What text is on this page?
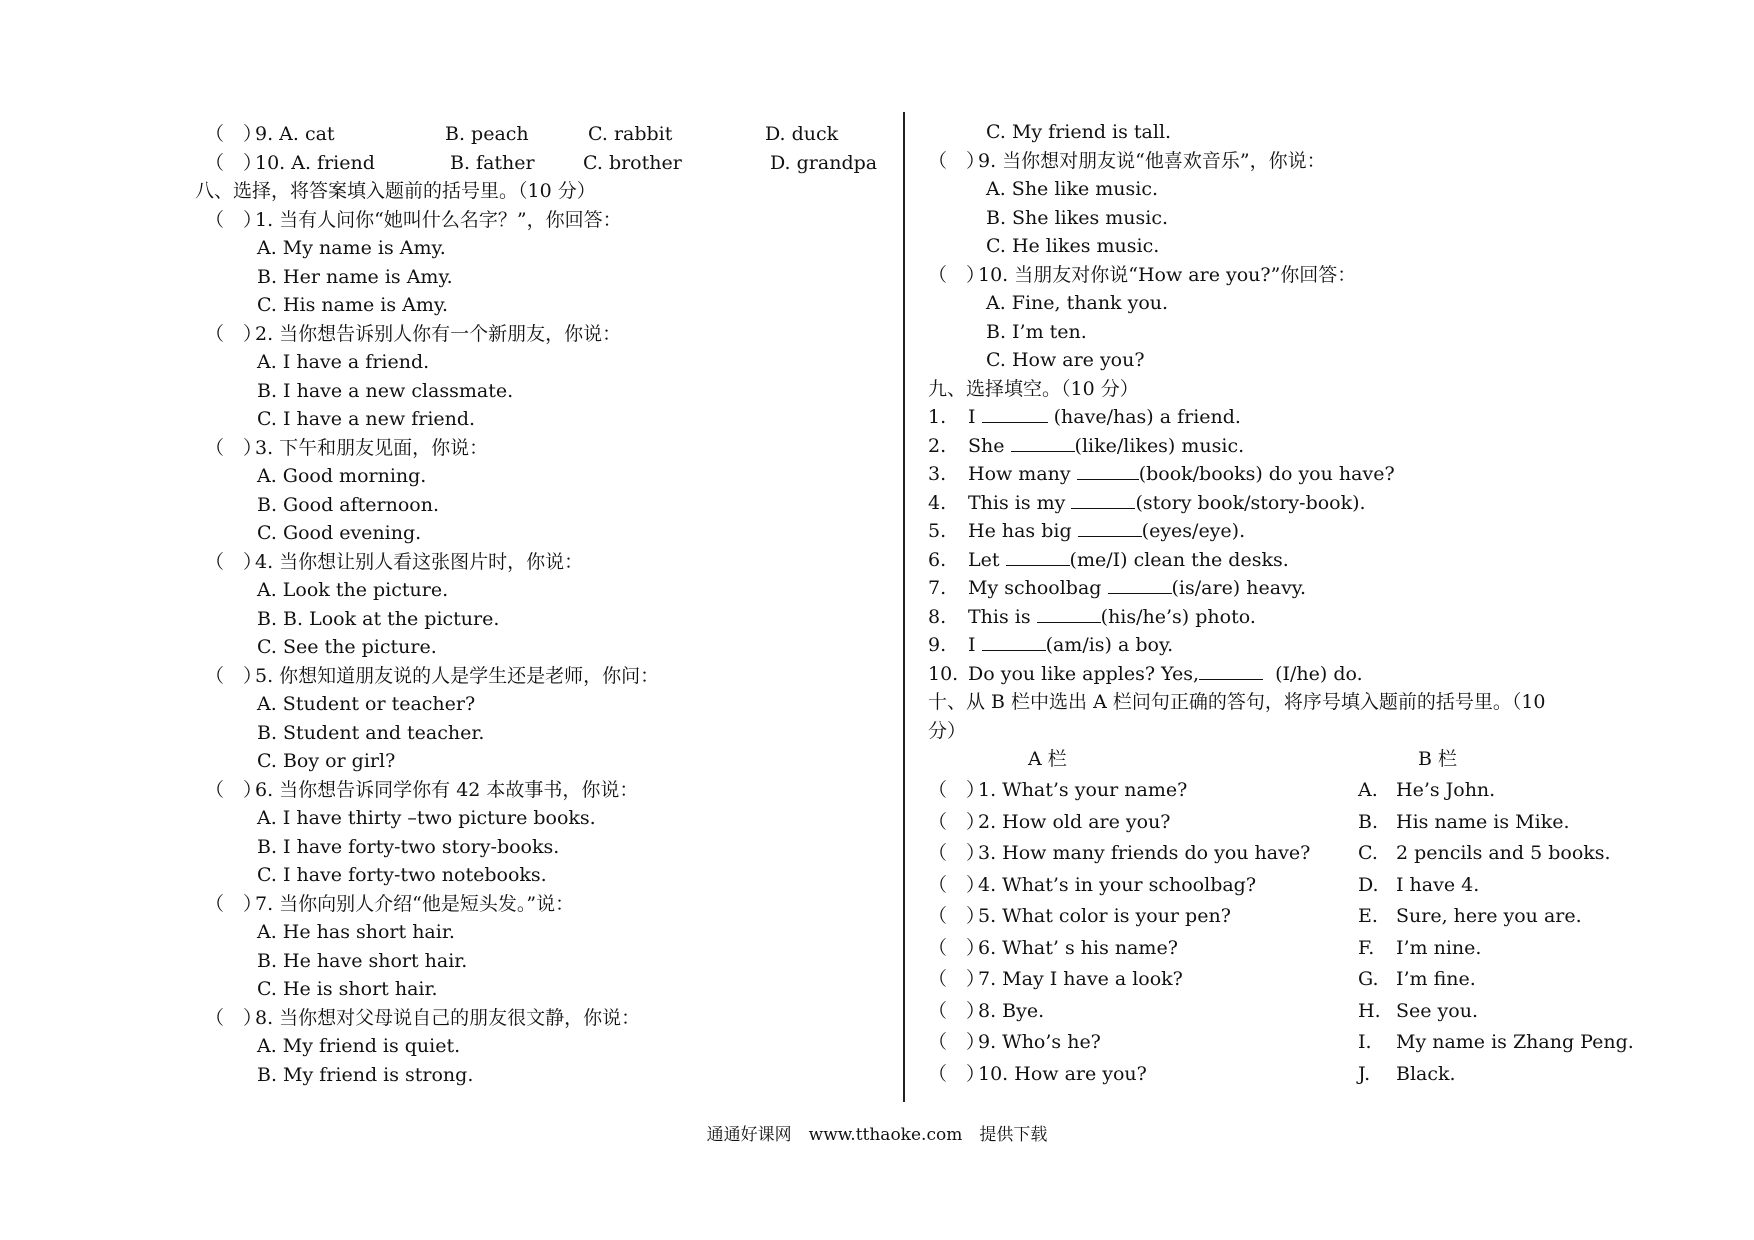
（　）9. A. cat	B. peach	C. rabbit	D. duck
（　）10. A. friend	B. father	C. brother	D. grandpa
八、选择，将答案填入题前的括号里。（10 分）
（　）1. 当有人问你“她叫什么名字？”，你回答：
A. My name is Amy.
B. Her name is Amy.
C. His name is Amy.
（　）2. 当你想告诉别人你有一个新朋友，你说：
A. I have a friend.
B. I have a new classmate.
C. I have a new friend.
（　）3. 下午和朋友见面，你说：
A. Good morning.
B. Good afternoon.
C. Good evening.
（　）4. 当你想让别人看这张图片时，你说：
A. Look the picture.
B. B. Look at the picture.
C. See the picture.
（　）5. 你想知道朋友说的人是学生还是老师，你问：
A. Student or teacher?
B. Student and teacher.
C. Boy or girl?
（　）6. 当你想告诉同学你有 42 本故事书，你说：
A. I have thirty –two picture books.
B. I have forty-two story-books.
C. I have forty-two notebooks.
（　）7. 当你向别人介绍“他是短头发。”说：
A. He has short hair.
B. He have short hair.
C. He is short hair.
（　）8. 当你想对父母说自己的朋友很文静，你说：
A. My friend is quiet.
B. My friend is strong.
C. My friend is tall.
（　）9. 当你想对朋友说“他喜欢音乐”，你说：
A. She like music.
B. She likes music.
C. He likes music.
（　）10. 当朋友对你说“How are you?”你回答：
A. Fine, thank you.
B. I’m ten.
C. How are you?
九、选择填空。（10 分）
1. I	(have/has) a friend.
2. She	(like/likes) music.
3. How many	(book/books) do you have?
4. This is my	(story book/story-book).
5. He has big	(eyes/eye).
6. Let	(me/I) clean the desks.
7. My schoolbag	(is/are) heavy.
8. This is	(his/he’s) photo.
9. I	(am/is) a boy.
10. Do you like apples? Yes,	(I/he) do.
十、从 B 栏中选出 A 栏问句正确的答句，将序号填入题前的括号里。（10
分）
A 栏	B 栏
（　）1. What’s your name?	A. He’s John.
（　）2. How old are you?	B. His name is Mike.
（　）3. How many friends do you have?	C. 2 pencils and 5 books.
（　）4. What’s in your schoolbag?	D. I have 4.
（　）5. What color is your pen?	E. Sure, here you are.
（　）6. What’ s his name?	F. I’m nine.
（　）7. May I have a look?	G. I’m fine.
（　）8. Bye.	H. See you.
（　）9. Who’s he?	I. My name is Zhang Peng.
（　）10. How are you?	J. Black.
通通好课网　www.tthaoke.com　提供下载
